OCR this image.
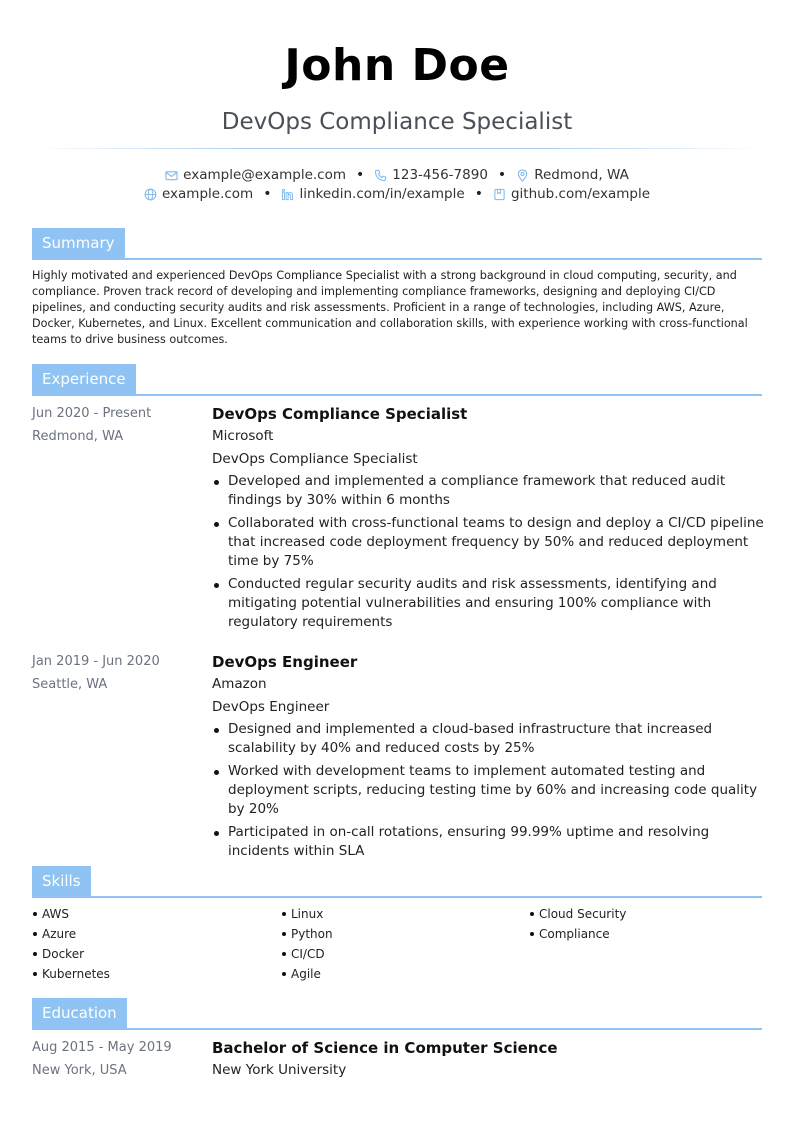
John Doe
DevOps Compliance Specialist
example@example.com • 123-456-7890 • Redmond, WA
example.com • linkedin.com/in/example • github.com/example
Summary
Highly motivated and experienced DevOps Compliance Specialist with a strong background in cloud computing, security, and compliance. Proven track record of developing and implementing compliance frameworks, designing and deploying CI/CD pipelines, and conducting security audits and risk assessments. Proficient in a range of technologies, including AWS, Azure, Docker, Kubernetes, and Linux. Excellent communication and collaboration skills, with experience working with cross-functional teams to drive business outcomes.
Experience
Jun 2020 - Present
Redmond, WA
DevOps Compliance Specialist
Microsoft
DevOps Compliance Specialist
Developed and implemented a compliance framework that reduced audit findings by 30% within 6 months
Collaborated with cross-functional teams to design and deploy a CI/CD pipeline that increased code deployment frequency by 50% and reduced deployment time by 75%
Conducted regular security audits and risk assessments, identifying and mitigating potential vulnerabilities and ensuring 100% compliance with regulatory requirements
Jan 2019 - Jun 2020
Seattle, WA
DevOps Engineer
Amazon
DevOps Engineer
Designed and implemented a cloud-based infrastructure that increased scalability by 40% and reduced costs by 25%
Worked with development teams to implement automated testing and deployment scripts, reducing testing time by 60% and increasing code quality by 20%
Participated in on-call rotations, ensuring 99.99% uptime and resolving incidents within SLA
Skills
AWS
Azure
Docker
Kubernetes
Linux
Python
CI/CD
Agile
Cloud Security
Compliance
Education
Aug 2015 - May 2019
New York, USA
Bachelor of Science in Computer Science
New York University
